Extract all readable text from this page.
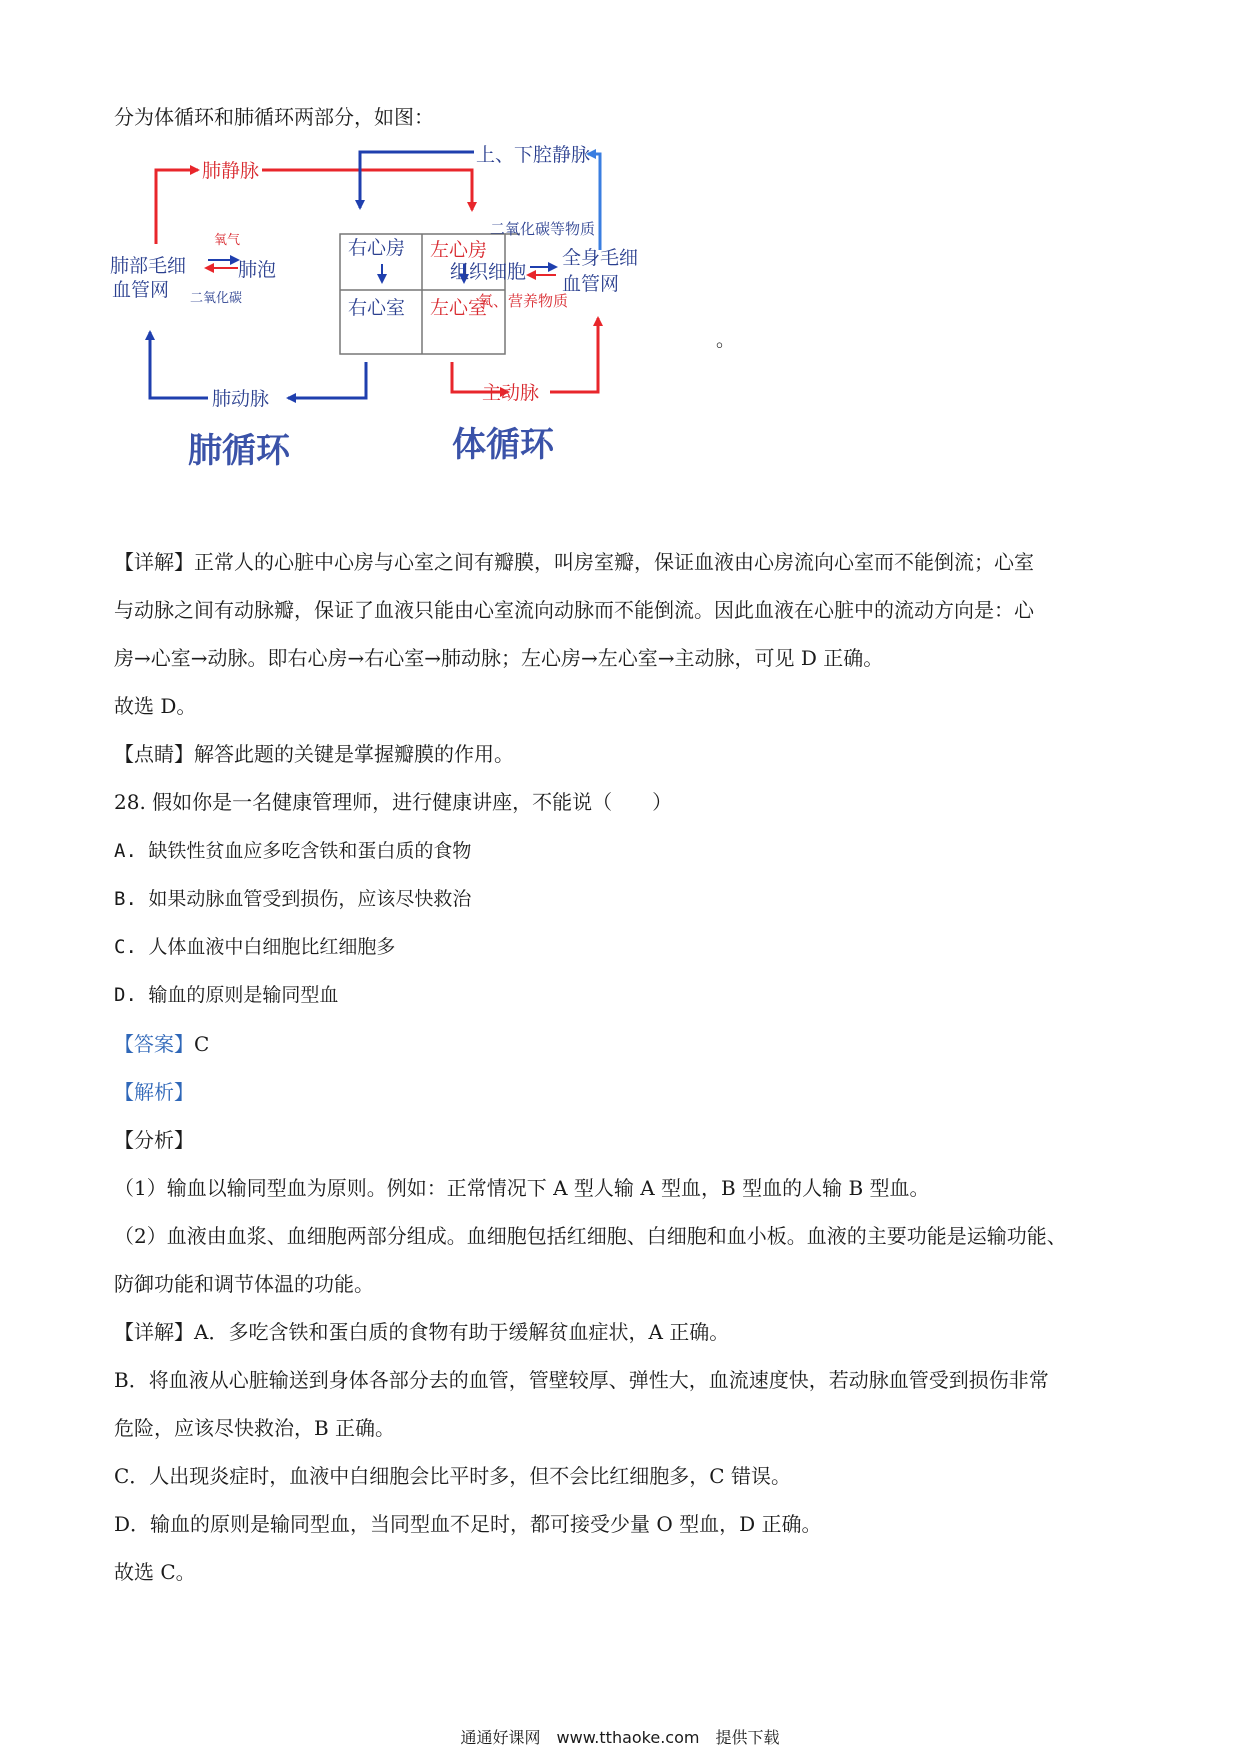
分为体循环和肺循环两部分，如图：
肺静脉
上、下腔静脉
右心房 左心房
右心室 左心室
肺部毛细
血管网
氧气
肺泡
二氧化碳
二氧化碳等物质
组织细胞
全身毛细
血管网
氧、营养物质
肺动脉	主动脉
肺循环	体循环
。
【详解】正常人的心脏中心房与心室之间有瓣膜，叫房室瓣，保证血液由心房流向心室而不能倒流；心室
与动脉之间有动脉瓣，保证了血液只能由心室流向动脉而不能倒流。因此血液在心脏中的流动方向是：心
房→心室→动脉。即右心房→右心室→肺动脉；左心房→左心室→主动脉，可见 D 正确。
故选 D。
【点睛】解答此题的关键是掌握瓣膜的作用。
28. 假如你是一名健康管理师，进行健康讲座，不能说（　　）
A. 缺铁性贫血应多吃含铁和蛋白质的食物
B. 如果动脉血管受到损伤，应该尽快救治
C. 人体血液中白细胞比红细胞多
D. 输血的原则是输同型血
【答案】C
【解析】
【分析】
（1）输血以输同型血为原则。例如：正常情况下 A 型人输 A 型血，B 型血的人输 B 型血。
（2）血液由血浆、血细胞两部分组成。血细胞包括红细胞、白细胞和血小板。血液的主要功能是运输功能、
防御功能和调节体温的功能。
【详解】A．多吃含铁和蛋白质的食物有助于缓解贫血症状，A 正确。
B．将血液从心脏输送到身体各部分去的血管，管壁较厚、弹性大，血流速度快，若动脉血管受到损伤非常
危险，应该尽快救治，B 正确。
C．人出现炎症时，血液中白细胞会比平时多，但不会比红细胞多，C 错误。
D．输血的原则是输同型血，当同型血不足时，都可接受少量 O 型血，D 正确。
故选 C。
通通好课网　www.tthaoke.com　提供下载
